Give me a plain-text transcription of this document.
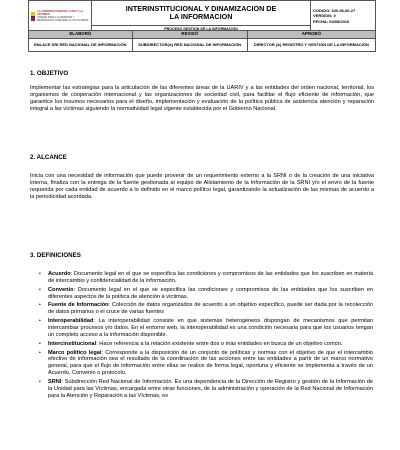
LA CONSTRUCCION DE LA PAZ Y LA VICTIMAS
UNIDAD PARA LA ATENCION Y REPARACION INTEGRAL A LAS VICTIMAS

INTERINSTITUCIONAL Y DINAMIZACION DE
LA INFORMACION

CODIGO: 620,06,06-27
VERSION: 0
FECHA: 04/08/2016

PROCESO GESTION DE LA INFORMACIÓN
ELABORÓ	REVISÓ	APROBÓ
ENLACE SRI RED NACIONAL DE INFORMACIÓN	SUBDIRECTOR(A) RED NACIONAL DE INFORMACIÓN	DIRECTOR (A) REGISTRO Y GESTIÓN DE LA INFORMACIÓN
1. OBJETIVO
Implementar las estrategias para la articulación de las diferentes áreas de la UARIV y a las entidades del orden nacional, territorial, los organismos de cooperación internacional y las organizaciones de sociedad civil, para facilitar el flujo eficiente de información, que garantice los insumos necesarios para el diseño, implementación y evaluación de la política pública de asistencia atención y reparación integral a las víctimas siguiendo la normatividad legal vigente establecida por el Gobierno Nacional.
2. ALCANCE
Inicia con una necesidad de información que puede provenir de un requerimiento externo a la SRNI o de la creación de una iniciativa interna, finaliza con la entrega de la fuente gestionada al equipo de Alistamiento de la Información de la SRNI y/o el envío de la fuente requerida por cada entidad de acuerdo a lo definido en el marco político legal, garantizando la actualización de las mismas de acuerdo a la periodicidad acordada.
3. DEFINICIONES
• Acuerdo: Documento legal en el que se especifica las condiciones y compromisos de las entidades que los suscriben en materia de intercambio y confidencialidad de la información.
• Convenio: Documento legal en el que se especifica las condiciones y compromisos de las entidades que los suscriben en diferentes aspectos de la política de atención a víctimas.
• Fuente de Información: Colección de datos organizados de acuerdo a un objetivo específico, puede ser dada por la recolección de datos primarios o el cruce de varias fuentes
• Interoperabilidad: La interoperabilidad consiste en que sistemas heterogéneos dispongan de mecanismos que permitan intercambiar procesos y/o datos. En el entorno web, la interoperabilidad es una condición necesaria para que los usuarios tengan un completo acceso a la información disponible.
• Intercinstitucional: Hace referencia a la relación existente entre dos o más entidades en busca de un objetivo común.
• Marco político legal: Corresponde a la disposición de un conjunto de políticas y normas con el objetivo de que el intercambio efectivo de información sea el resultado de la coordinación de las acciones entre las entidades a partir de un marco normativo general, para que el flujo de información entre ellas se realice de forma legal, oportuna y eficiente se implementa a través de un Acuerdo, Convenio o protocolo.
• SRNI: Subdirección Red Nacional de Información. Es una dependencia de la Dirección de Registro y gestión de la Información de la Unidad para las Víctimas, encargada entre otras funciones, de la administración y operación de la Red Nacional de Información para la Atención y Reparación a las Víctimas, es
